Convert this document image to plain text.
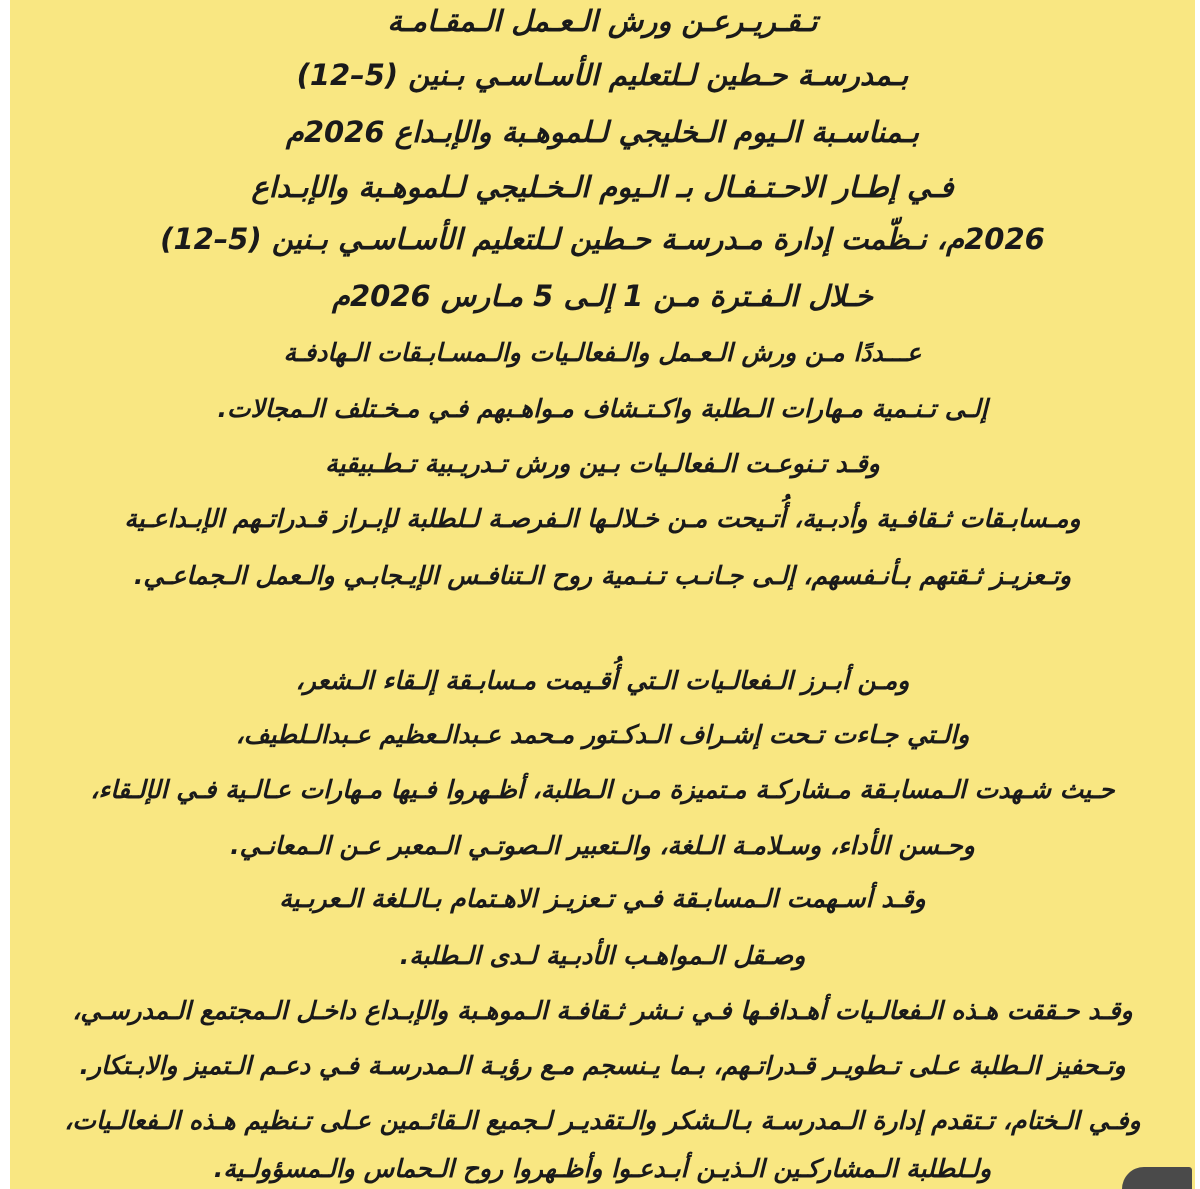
تـقـريـرعـن ورش الـعـمل الـمقـامـة

بـمدرسـة حـطين لـلتعليم الأسـاسـي بـنين (5–12)

بـمناسـبة الـيوم الـخليجي لـلموهـبة والإبـداع 2026م

فـي إطـار الاحـتـفـال بـ الـيوم الـخـليجي لـلموهـبة والإبـداع

2026م، نـظّمت إدارة مـدرسـة حـطين لـلتعليم الأسـاسـي بـنين (5–12)

خـلال الـفـترة مـن 1 إلـى 5 مـارس 2026م

عـــددًا مـن ورش الـعـمل والـفعالـيات والـمسـابـقات الـهادفـة

إلـى تـنـمية مـهارات الـطلبة واكـتـشاف مـواهـبهم فـي مـخـتلف الـمجالات.

وقـد تـنوعـت الـفعالـيات بـين ورش تـدريـبية تـطـبيقية

ومـسابـقات ثـقافـية وأدبـية، أُتـيحت مـن خـلالـها الـفرصـة لـلطلبة لإبـراز قـدراتـهم الإبـداعـية

وتـعزيـز ثـقتهم بـأنـفسهم، إلـى جـانـب تـنـمية روح الـتنافـس الإيـجابـي والـعمل الـجماعـي.

ومـن أبـرز الـفعالـيات الـتي أُقـيمت مـسابـقة إلـقاء الـشعر،

والـتي جـاءت تـحت إشـراف الـدكـتور مـحمد عـبدالـعظيم عـبدالـلطيف،

حـيث شـهدت الـمسابـقة مـشاركـة مـتميزة مـن الـطلبة، أظـهروا فـيها مـهارات عـالـية فـي الإلـقاء،

وحـسن الأداء، وسـلامـة الـلغة، والـتعبير الـصوتـي الـمعبر عـن الـمعانـي.

وقـد أسـهمت الـمسابـقة فـي تـعزيـز الاهـتمام بـالـلغة الـعربـية

وصـقل الـمواهـب الأدبـية لـدى الـطلبة.

وقـد حـققت هـذه الـفعالـيات أهـدافـها فـي نـشر ثـقافـة الـموهـبة والإبـداع داخـل الـمجتمع الـمدرسـي،

وتـحفيز الـطلبة عـلى تـطويـر قـدراتـهم، بـما يـنسجم مـع رؤيـة الـمدرسـة فـي دعـم الـتميز والابـتكار.

وفـي الـختام، تـتقدم إدارة الـمدرسـة بـالـشكر والـتقديـر لـجميع الـقائـمين عـلى تـنظيم هـذه الـفعالـيات،

ولـلطلبة الـمشاركـين الـذيـن أبـدعـوا وأظـهروا روح الـحماس والـمسؤولـية.
